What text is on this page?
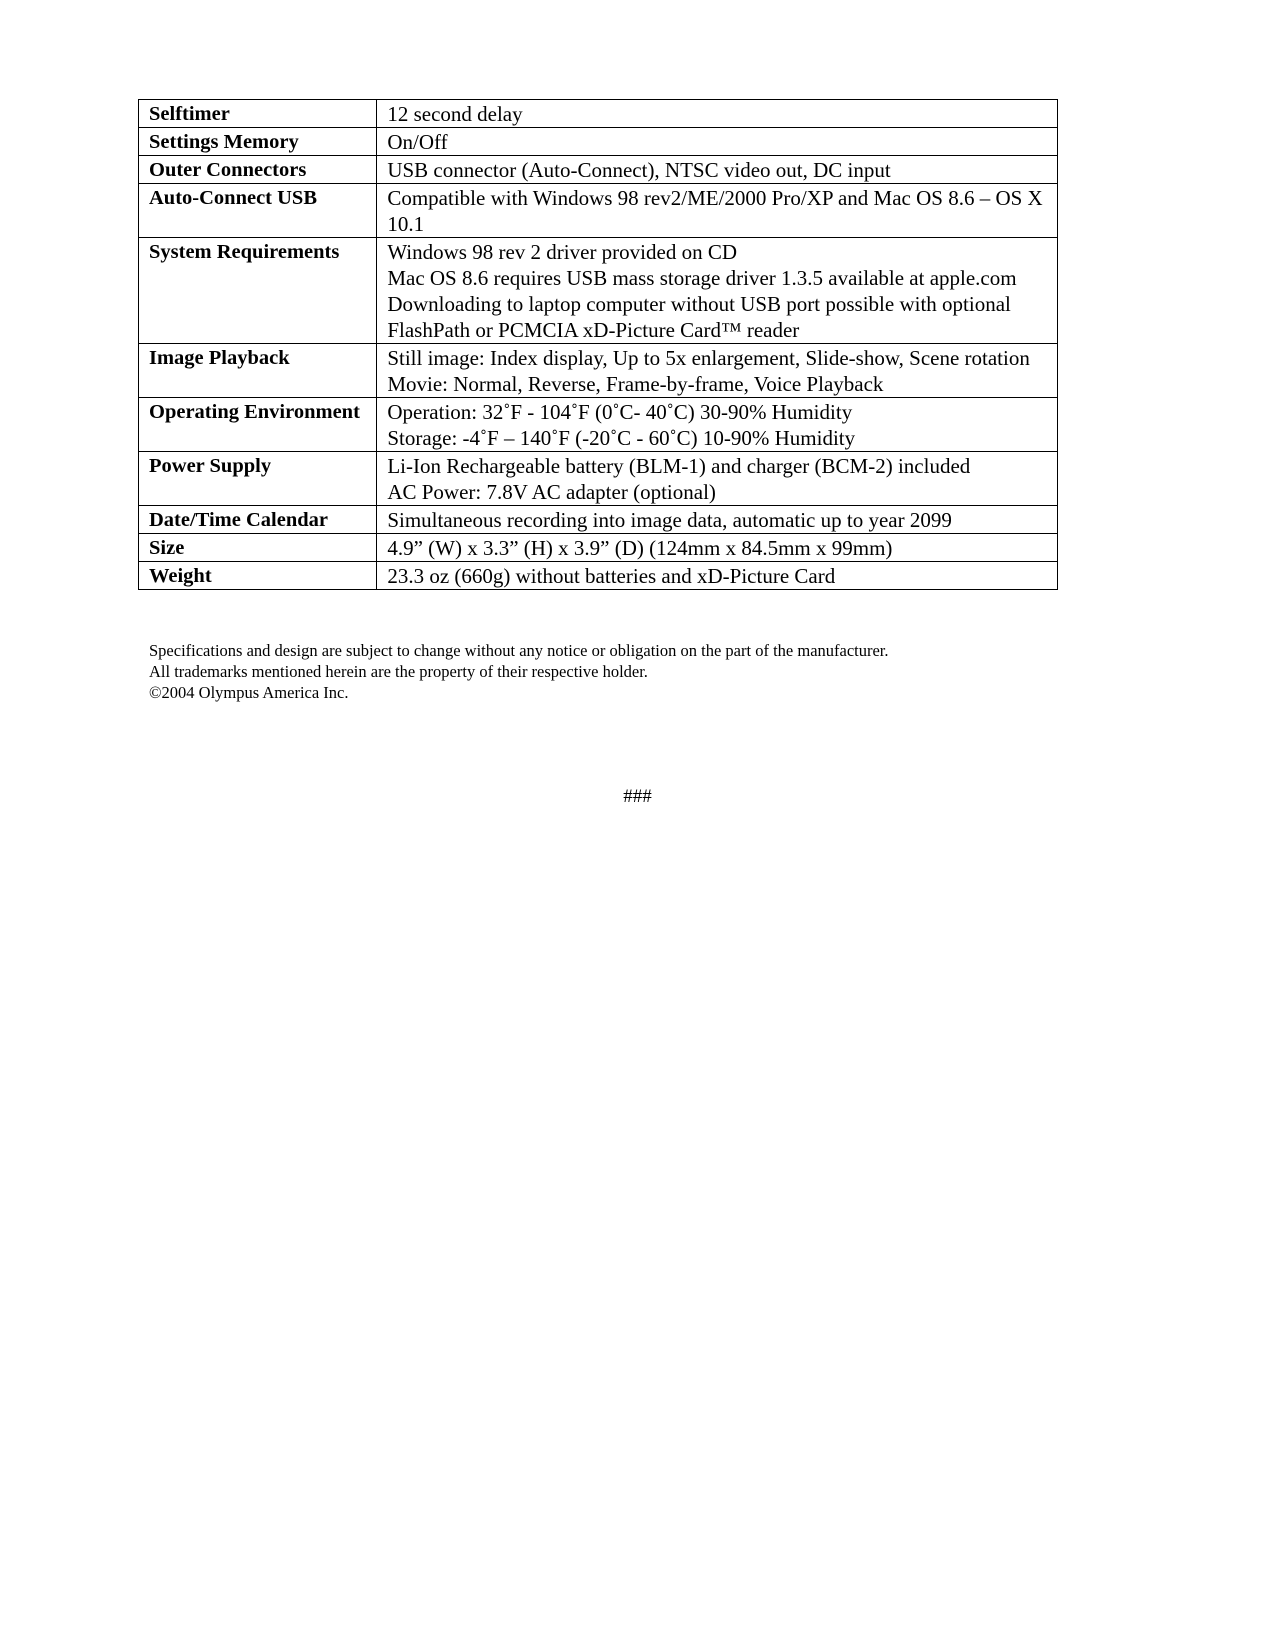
Selftimer	12 second delay

Settings Memory	On/Off

Outer Connectors	USB connector (Auto-Connect), NTSC video out, DC input

Auto-Connect USB	Compatible with Windows 98 rev2/ME/2000 Pro/XP and Mac OS 8.6 – OS X 10.1

System Requirements	Windows 98 rev 2 driver provided on CD
Mac OS 8.6 requires USB mass storage driver 1.3.5 available at apple.com
Downloading to laptop computer without USB port possible with optional FlashPath or PCMCIA xD-Picture Card™ reader

Image Playback	Still image: Index display, Up to 5x enlargement, Slide-show, Scene rotation
Movie: Normal, Reverse, Frame-by-frame, Voice Playback

Operating Environment	Operation: 32˚F - 104˚F (0˚C- 40˚C) 30-90% Humidity
Storage: -4˚F – 140˚F (-20˚C - 60˚C) 10-90% Humidity

Power Supply	Li-Ion Rechargeable battery (BLM-1) and charger (BCM-2) included
AC Power: 7.8V AC adapter (optional)

Date/Time Calendar	Simultaneous recording into image data, automatic up to year 2099

Size	4.9” (W) x 3.3” (H) x 3.9” (D) (124mm x 84.5mm x 99mm)

Weight	23.3 oz (660g) without batteries and xD-Picture Card
Specifications and design are subject to change without any notice or obligation on the part of the manufacturer.
All trademarks mentioned herein are the property of their respective holder.
©2004 Olympus America Inc.
###
